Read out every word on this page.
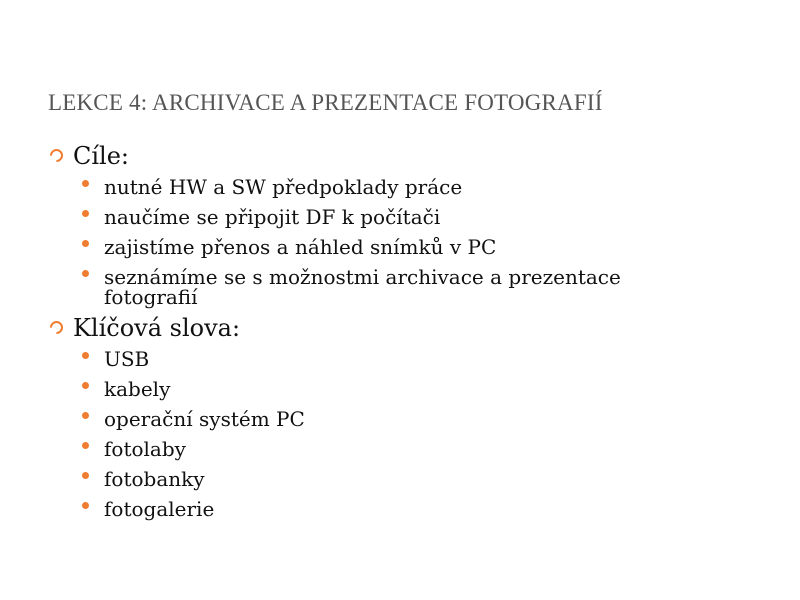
LEKCE 4: ARCHIVACE A PREZENTACE FOTOGRAFIÍ
Cíle:
nutné HW a SW předpoklady práce
naučíme se připojit DF k počítači
zajistíme přenos a náhled snímků v PC
seznámíme se s možnostmi archivace a prezentace fotografií
Klíčová slova:
USB
kabely
operační systém PC
fotolaby
fotobanky
fotogalerie
